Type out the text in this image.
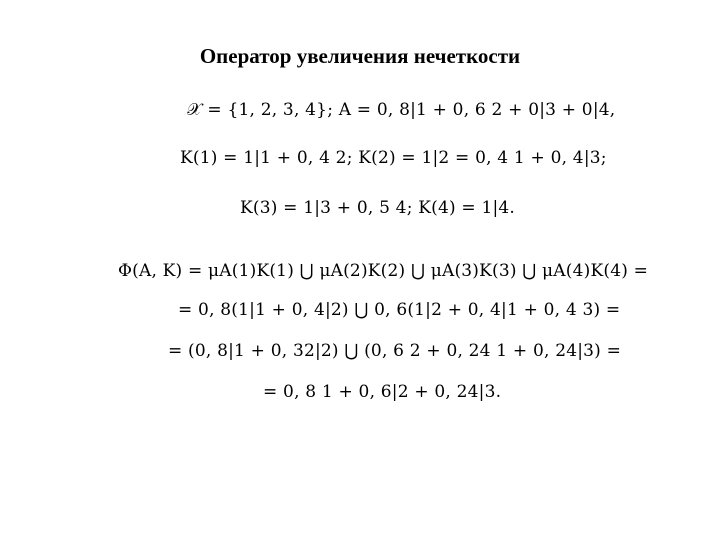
Оператор увеличения нечеткости
𝒳 = {1, 2, 3, 4}; A = 0, 8|1 + 0, 6 2 + 0|3 + 0|4,
K(1) = 1|1 + 0, 4 2; K(2) = 1|2 = 0, 4 1 + 0, 4|3;
K(3) = 1|3 + 0, 5 4; K(4) = 1|4.
Φ(A, K) = μA(1)K(1) ⋃ μA(2)K(2) ⋃ μA(3)K(3) ⋃ μA(4)K(4) =
= 0, 8(1|1 + 0, 4|2) ⋃ 0, 6(1|2 + 0, 4|1 + 0, 4 3) =
= (0, 8|1 + 0, 32|2) ⋃ (0, 6 2 + 0, 24 1 + 0, 24|3) =
= 0, 8 1 + 0, 6|2 + 0, 24|3.
